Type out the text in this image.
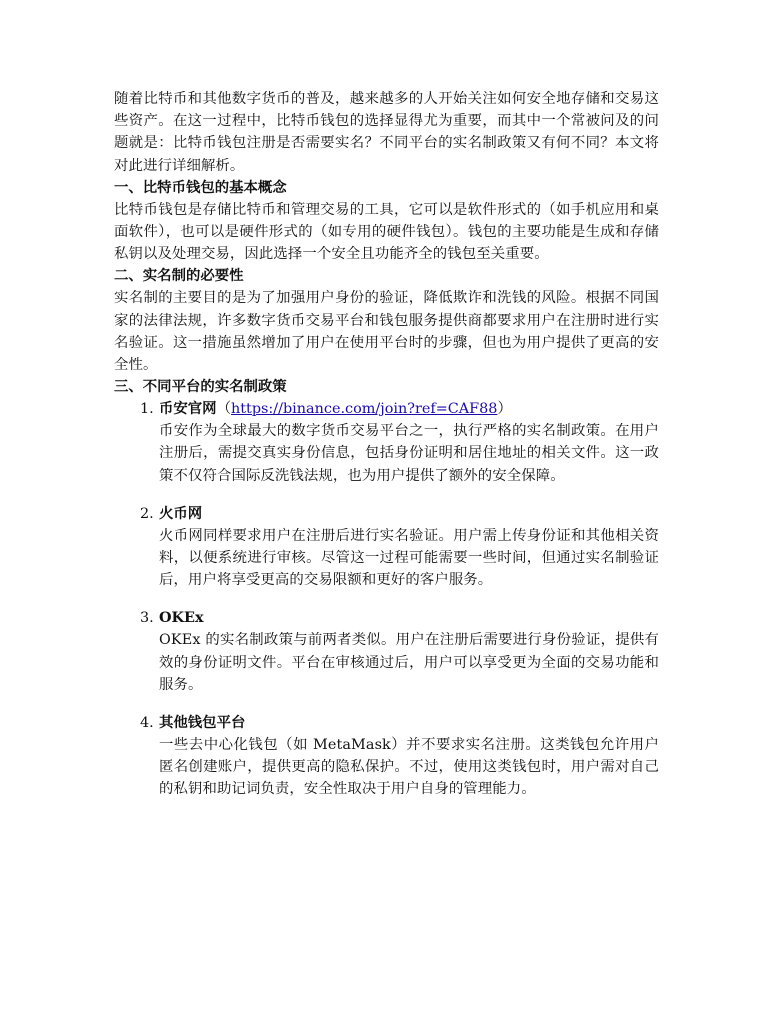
随着比特币和其他数字货币的普及，越来越多的人开始关注如何安全地存储和交易这些资产。在这一过程中，比特币钱包的选择显得尤为重要，而其中一个常被问及的问题就是：比特币钱包注册是否需要实名？不同平台的实名制政策又有何不同？本文将对此进行详细解析。

一、比特币钱包的基本概念

比特币钱包是存储比特币和管理交易的工具，它可以是软件形式的（如手机应用和桌面软件），也可以是硬件形式的（如专用的硬件钱包）。钱包的主要功能是生成和存储私钥以及处理交易，因此选择一个安全且功能齐全的钱包至关重要。

二、实名制的必要性

实名制的主要目的是为了加强用户身份的验证，降低欺诈和洗钱的风险。根据不同国家的法律法规，许多数字货币交易平台和钱包服务提供商都要求用户在注册时进行实名验证。这一措施虽然增加了用户在使用平台时的步骤，但也为用户提供了更高的安全性。

三、不同平台的实名制政策

1. 币安官网（https://binance.com/join?ref=CAF88）

币安作为全球最大的数字货币交易平台之一，执行严格的实名制政策。在用户注册后，需提交真实身份信息，包括身份证明和居住地址的相关文件。这一政策不仅符合国际反洗钱法规，也为用户提供了额外的安全保障。

2. 火币网

火币网同样要求用户在注册后进行实名验证。用户需上传身份证和其他相关资料，以便系统进行审核。尽管这一过程可能需要一些时间，但通过实名制验证后，用户将享受更高的交易限额和更好的客户服务。

3. OKEx

OKEx 的实名制政策与前两者类似。用户在注册后需要进行身份验证，提供有效的身份证明文件。平台在审核通过后，用户可以享受更为全面的交易功能和服务。

4. 其他钱包平台

一些去中心化钱包（如 MetaMask）并不要求实名注册。这类钱包允许用户匿名创建账户，提供更高的隐私保护。不过，使用这类钱包时，用户需对自己的私钥和助记词负责，安全性取决于用户自身的管理能力。
